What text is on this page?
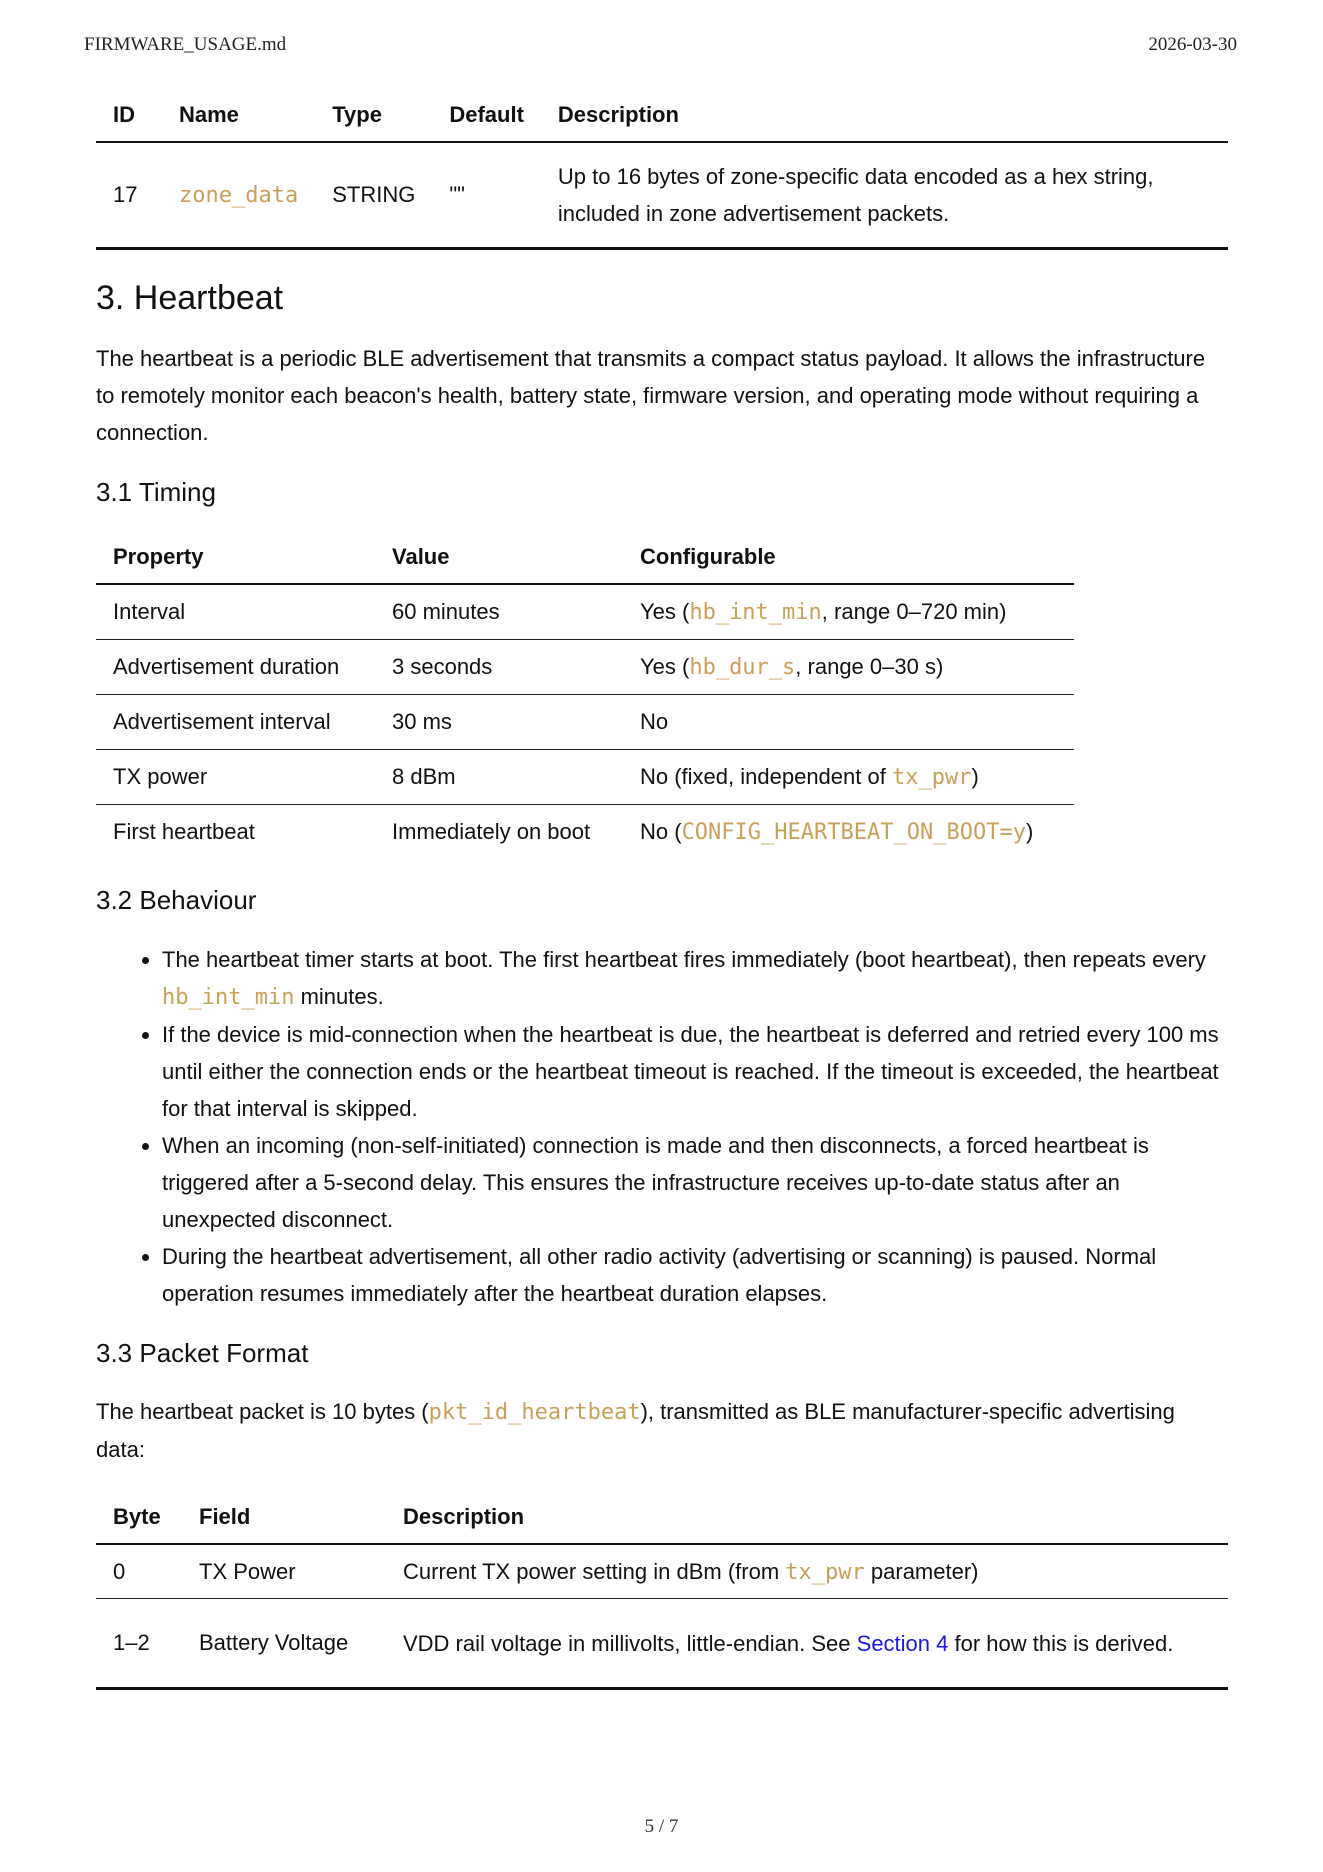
FIRMWARE_USAGE.md	2026-03-30
ID	Name	Type	Default	Description
17	zone_data	STRING	""	Up to 16 bytes of zone-specific data encoded as a hex string, included in zone advertisement packets.
3. Heartbeat

The heartbeat is a periodic BLE advertisement that transmits a compact status payload. It allows the infrastructure to remotely monitor each beacon's health, battery state, firmware version, and operating mode without requiring a connection.

3.1 Timing
Property	Value	Configurable
Interval	60 minutes	Yes (hb_int_min, range 0–720 min)
Advertisement duration	3 seconds	Yes (hb_dur_s, range 0–30 s)
Advertisement interval	30 ms	No
TX power	8 dBm	No (fixed, independent of tx_pwr)
First heartbeat	Immediately on boot	No (CONFIG_HEARTBEAT_ON_BOOT=y)
3.2 Behaviour
• The heartbeat timer starts at boot. The first heartbeat fires immediately (boot heartbeat), then repeats every hb_int_min minutes.
• If the device is mid-connection when the heartbeat is due, the heartbeat is deferred and retried every 100 ms until either the connection ends or the heartbeat timeout is reached. If the timeout is exceeded, the heartbeat for that interval is skipped.
• When an incoming (non-self-initiated) connection is made and then disconnects, a forced heartbeat is triggered after a 5-second delay. This ensures the infrastructure receives up-to-date status after an unexpected disconnect.
• During the heartbeat advertisement, all other radio activity (advertising or scanning) is paused. Normal operation resumes immediately after the heartbeat duration elapses.
3.3 Packet Format

The heartbeat packet is 10 bytes (pkt_id_heartbeat), transmitted as BLE manufacturer-specific advertising data:

Byte	Field	Description
0	TX Power	Current TX power setting in dBm (from tx_pwr parameter)
1–2	Battery Voltage	VDD rail voltage in millivolts, little-endian. See Section 4 for how this is derived.
5 / 7
